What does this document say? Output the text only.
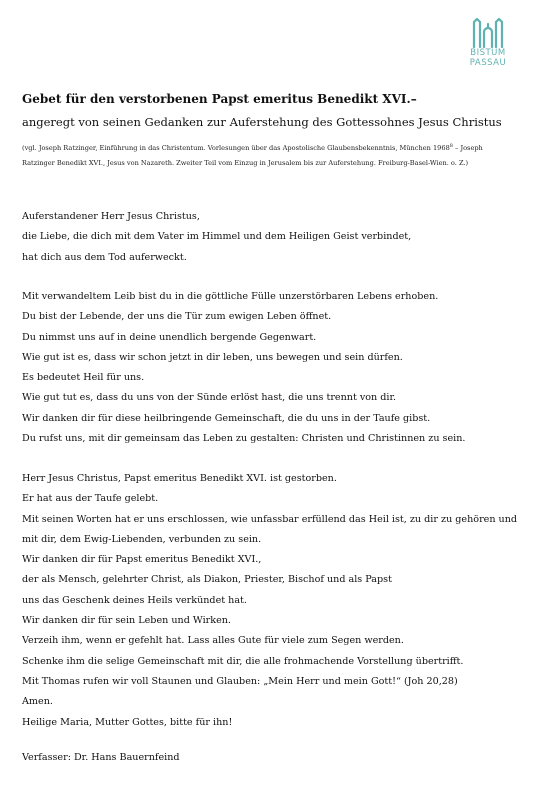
BISTUM
PASSAU
Gebet für den verstorbenen Papst emeritus Benedikt XVI.–
angeregt von seinen Gedanken zur Auferstehung des Gottessohnes Jesus Christus
(vgl. Joseph Ratzinger, Einführung in das Christentum. Vorlesungen über das Apostolische Glaubensbekenntnis, München 1968$^8$ – Joseph Ratzinger Benedikt XVI., Jesus von Nazareth. Zweiter Teil vom Einzug in Jerusalem bis zur Auferstehung. Freiburg-Basel-Wien. o. Z.)
Auferstandener Herr Jesus Christus,
die Liebe, die dich mit dem Vater im Himmel und dem Heiligen Geist verbindet,
hat dich aus dem Tod auferweckt.
Mit verwandeltem Leib bist du in die göttliche Fülle unzerstörbaren Lebens erhoben.
Du bist der Lebende, der uns die Tür zum ewigen Leben öffnet.
Du nimmst uns auf in deine unendlich bergende Gegenwart.
Wie gut ist es, dass wir schon jetzt in dir leben, uns bewegen und sein dürfen.
Es bedeutet Heil für uns.
Wie gut tut es, dass du uns von der Sünde erlöst hast, die uns trennt von dir.
Wir danken dir für diese heilbringende Gemeinschaft, die du uns in der Taufe gibst.
Du rufst uns, mit dir gemeinsam das Leben zu gestalten: Christen und Christinnen zu sein.
Herr Jesus Christus, Papst emeritus Benedikt XVI. ist gestorben.
Er hat aus der Taufe gelebt.
Mit seinen Worten hat er uns erschlossen, wie unfassbar erfüllend das Heil ist, zu dir zu gehören und
mit dir, dem Ewig-Liebenden, verbunden zu sein.
Wir danken dir für Papst emeritus Benedikt XVI.,
der als Mensch, gelehrter Christ, als Diakon, Priester, Bischof und als Papst
uns das Geschenk deines Heils verkündet hat.
Wir danken dir für sein Leben und Wirken.
Verzeih ihm, wenn er gefehlt hat. Lass alles Gute für viele zum Segen werden.
Schenke ihm die selige Gemeinschaft mit dir, die alle frohmachende Vorstellung übertrifft.
Mit Thomas rufen wir voll Staunen und Glauben: „Mein Herr und mein Gott!“ (Joh 20,28)
Amen.
Heilige Maria, Mutter Gottes, bitte für ihn!
Verfasser: Dr. Hans Bauernfeind
